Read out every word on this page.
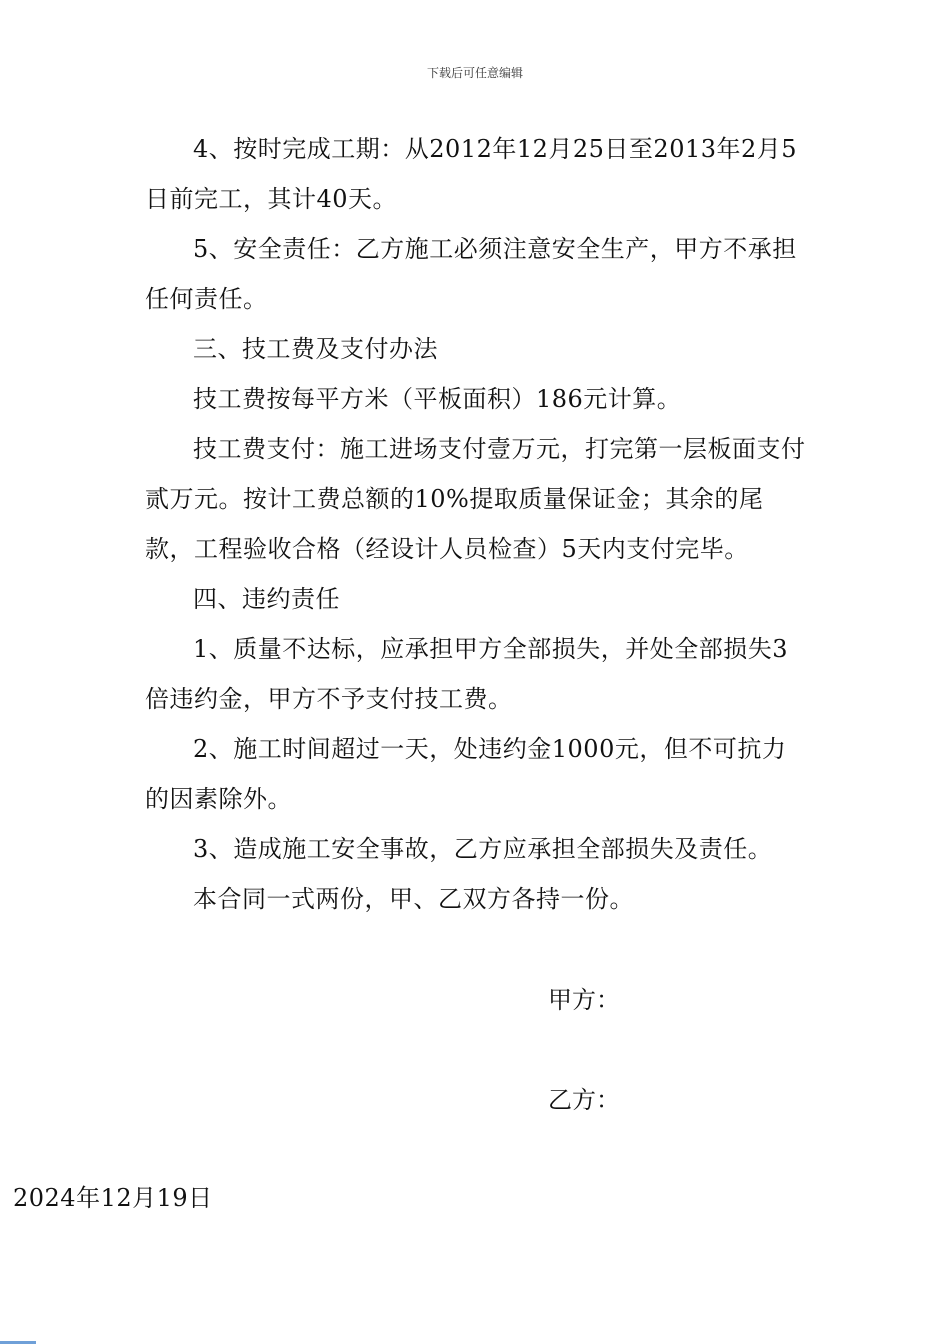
下载后可任意编辑

4、按时完成工期：从2012年12月25日至2013年2月5日前完工，其计40天。

5、安全责任：乙方施工必须注意安全生产，甲方不承担任何责任。

三、技工费及支付办法

技工费按每平方米（平板面积）186元计算。

技工费支付：施工进场支付壹万元，打完第一层板面支付贰万元。按计工费总额的10%提取质量保证金；其余的尾款，工程验收合格（经设计人员检查）5天内支付完毕。

四、违约责任

1、质量不达标，应承担甲方全部损失，并处全部损失3倍违约金，甲方不予支付技工费。

2、施工时间超过一天，处违约金1000元，但不可抗力的因素除外。

3、造成施工安全事故，乙方应承担全部损失及责任。

本合同一式两份，甲、乙双方各持一份。

甲方：
乙方：
2024年12月19日
